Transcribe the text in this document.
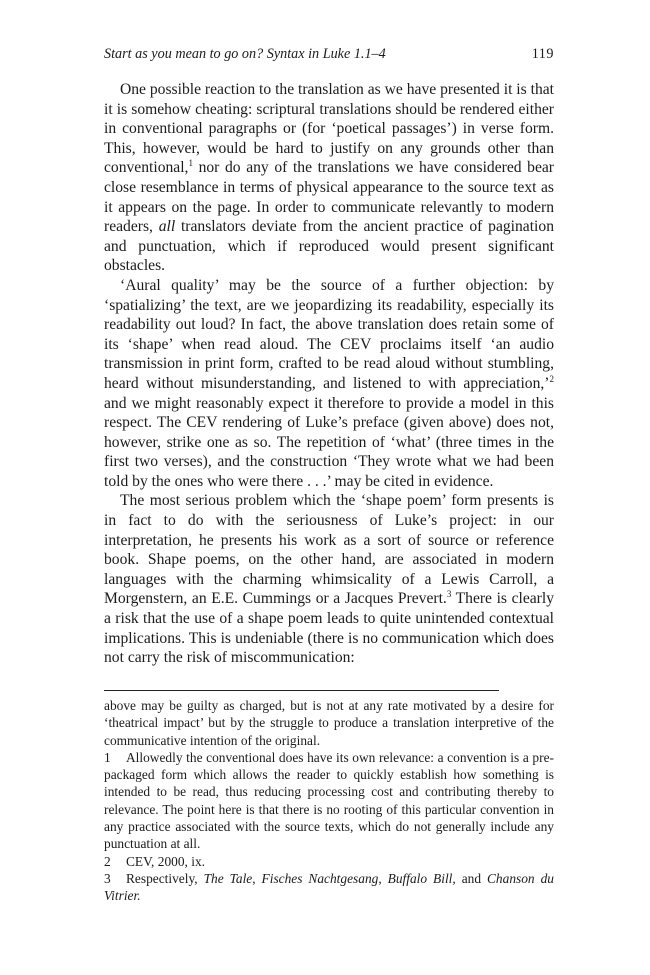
Start as you mean to go on? Syntax in Luke 1.1–4	119

One possible reaction to the translation as we have presented it is that it is somehow cheating: scriptural translations should be rendered either in conventional paragraphs or (for ‘poetical passages’) in verse form. This, however, would be hard to justify on any grounds other than conventional,$^1$ nor do any of the translations we have considered bear close resemblance in terms of physical appearance to the source text as it appears on the page. In order to communicate relevantly to modern readers, all translators deviate from the ancient practice of pagination and punctuation, which if reproduced would present significant obstacles.

‘Aural quality’ may be the source of a further objection: by ‘spatializing’ the text, are we jeopardizing its readability, especially its readability out loud? In fact, the above translation does retain some of its ‘shape’ when read aloud. The CEV proclaims itself ‘an audio transmission in print form, crafted to be read aloud without stumbling, heard without misunderstanding, and listened to with appreciation,’$^2$ and we might reasonably expect it therefore to provide a model in this respect. The CEV rendering of Luke’s preface (given above) does not, however, strike one as so. The repetition of ‘what’ (three times in the first two verses), and the construction ‘They wrote what we had been told by the ones who were there . . .’ may be cited in evidence.

The most serious problem which the ‘shape poem’ form presents is in fact to do with the seriousness of Luke’s project: in our interpretation, he presents his work as a sort of source or reference book. Shape poems, on the other hand, are associated in modern languages with the charming whimsicality of a Lewis Carroll, a Morgenstern, an E.E. Cummings or a Jacques Prevert.$^3$ There is clearly a risk that the use of a shape poem leads to quite unintended contextual implications. This is undeniable (there is no communication which does not carry the risk of miscommunication:

above may be guilty as charged, but is not at any rate motivated by a desire for ‘theatrical impact’ but by the struggle to produce a translation interpretive of the communicative intention of the original.

1 Allowedly the conventional does have its own relevance: a convention is a pre-packaged form which allows the reader to quickly establish how something is intended to be read, thus reducing processing cost and contributing thereby to relevance. The point here is that there is no rooting of this particular convention in any practice associated with the source texts, which do not generally include any punctuation at all.

2 CEV, 2000, ix.

3 Respectively, The Tale, Fisches Nachtgesang, Buffalo Bill, and Chanson du Vitrier.
